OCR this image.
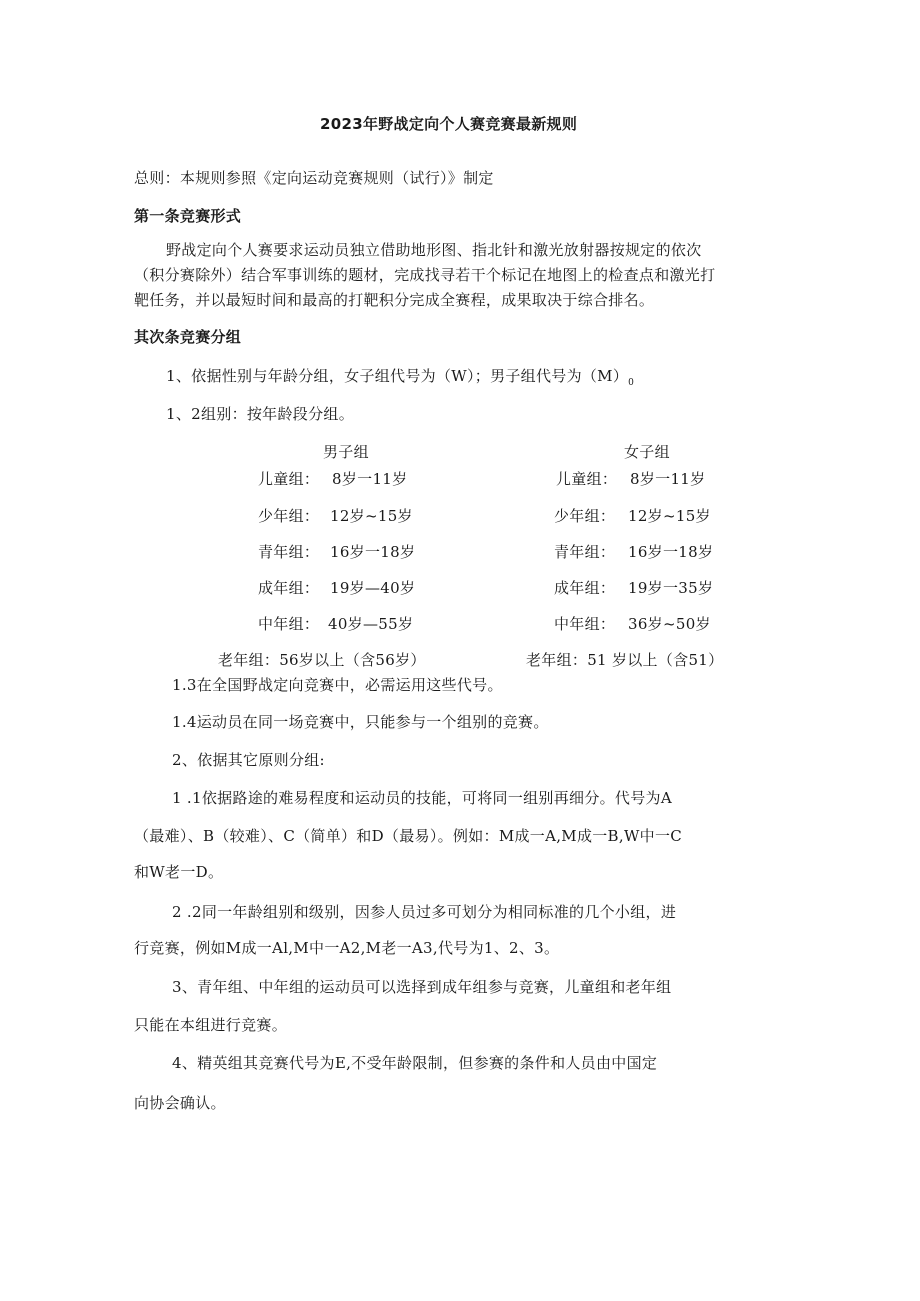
2023年野战定向个人赛竞赛最新规则
总则：本规则参照《定向运动竞赛规则（试行）》制定
第一条竞赛形式
野战定向个人赛要求运动员独立借助地形图、指北针和激光放射器按规定的依次
（积分赛除外）结合军事训练的题材，完成找寻若干个标记在地图上的检查点和激光打
靶任务，并以最短时间和最高的打靶积分完成全赛程，成果取决于综合排名。
其次条竞赛分组
1、依据性别与年龄分组，女子组代号为（W）；男子组代号为$(M)_0$
1、2组别：按年龄段分组。
男子组	女子组
儿童组： 8岁一11岁
少年组： 12岁~15岁
青年组： 16岁一18岁
成年组： 19岁—40岁
中年组： 40岁—55岁
儿童组： 8岁一11岁
少年组： 12岁~15岁
青年组： 16岁一18岁
成年组： 19岁一35岁
中年组： 36岁~50岁
老年组：56岁以上（含56岁）	老年组：51 岁以上（含51）
1.3在全国野战定向竞赛中，必需运用这些代号。
1.4运动员在同一场竞赛中，只能参与一个组别的竞赛。
2、依据其它原则分组:
1 .1依据路途的难易程度和运动员的技能，可将同一组别再细分。代号为A
（最难）、B（较难）、C（简单）和D（最易）。例如：M成一A,M成一B,W中一C
和W老一D。
2 .2同一年龄组别和级别，因参人员过多可划分为相同标准的几个小组，进
行竞赛，例如M成一Al,M中一A2,M老一A3,代号为1、2、3。
3、青年组、中年组的运动员可以选择到成年组参与竞赛，儿童组和老年组
只能在本组进行竞赛。
4、精英组其竞赛代号为E,不受年龄限制，但参赛的条件和人员由中国定
向协会确认。
